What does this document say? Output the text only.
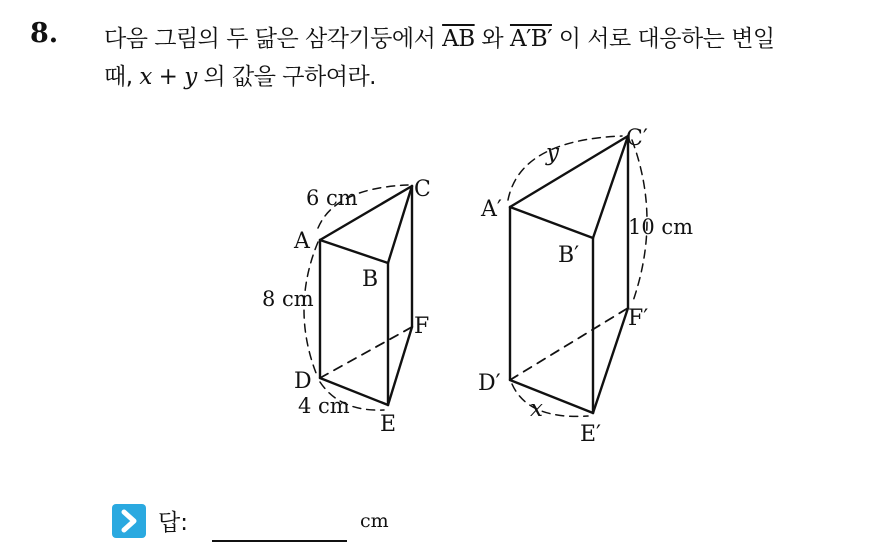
8. 다음 그림의 두 닮은 삼각기둥에서 $\overline{AB}$ 와 A′B′ 이 서로 대응하는 변일
때, x + y 의 값을 구하여라.
A
B
C
D
E
F
6 cm
8 cm
4 cm
A′
B′
C′
D′
E′
F′
y
10 cm
x
답:	cm
